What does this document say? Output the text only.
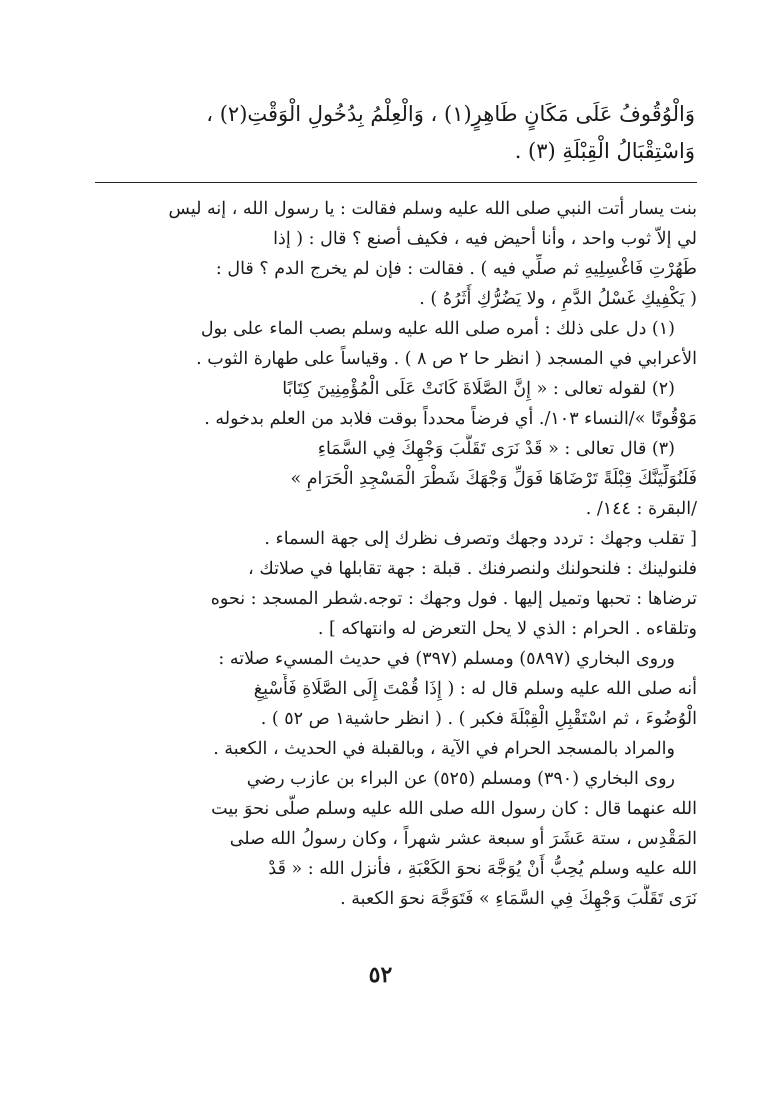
وَالْوُقُوفُ عَلَى مَكَانٍ طَاهِرٍ(١) ، وَالْعِلْمُ بِدُخُولِ الْوَقْتِ(٢) ،
وَاسْتِقْبَالُ الْقِبْلَةِ (٣) .
بنت يسار أتت النبي صلى الله عليه وسلم فقالت : يا رسول الله ، إنه ليس
لي إلاّ ثوب واحد ، وأنا أحيض فيه ، فكيف أصنع ؟ قال : ( إذا
طَهُرْتِ فَاغْسِلِيهِ ثم صلِّي فيه ) . فقالت : فإن لم يخرج الدم ؟ قال :
( يَكْفِيكِ غَسْلُ الدَّمِ ، ولا يَضُرُّكِ أَثَرُهُ ) .
(١) دل على ذلك : أمره صلى الله عليه وسلم بصب الماء على بول
الأعرابي في المسجد ( انظر حا ٢ ص ٨ ) . وقياساً على طهارة الثوب .
(٢) لقوله تعالى : « إِنَّ الصَّلَاةَ كَانَتْ عَلَى الْمُؤْمِنِينَ كِتَابًا
مَوْقُوتًا »/النساء ١٠٣/. أي فرضاً محدداً بوقت فلابد من العلم بدخوله .
(٣) قال تعالى : « قَدْ نَرَى تَقَلُّبَ وَجْهِكَ فِي السَّمَاءِ
فَلَنُوَلِّيَنَّكَ قِبْلَةً تَرْضَاهَا فَوَلِّ وَجْهَكَ شَطْرَ الْمَسْجِدِ الْحَرَامِ »
/البقرة : ١٤٤/ .
[ تقلب وجهك : تردد وجهك وتصرف نظرك إلى جهة السماء .
فلنولينك : فلنحولنك ولنصرفنك . قبلة : جهة تقابلها في صلاتك ،
ترضاها : تحبها وتميل إليها . فول وجهك : توجه.شطر المسجد : نحوه
وتلقاءه . الحرام : الذي لا يحل التعرض له وانتهاكه ] .
وروى البخاري (٥٨٩٧) ومسلم (٣٩٧) في حديث المسيء صلاته :
أنه صلى الله عليه وسلم قال له : ( إِذَا قُمْتَ إِلَى الصَّلَاةِ فَأَسْبِغِ
الْوُضُوءَ ، ثم اسْتَقْبِلِ الْقِبْلَةَ فكبر ) . ( انظر حاشية١ ص ٥٢ ) .
والمراد بالمسجد الحرام في الآية ، وبالقبلة في الحديث ، الكعبة .
روى البخاري (٣٩٠) ومسلم (٥٢٥) عن البراء بن عازب رضي
الله عنهما قال : كان رسول الله صلى الله عليه وسلم صلّى نحوَ بيت
المَقْدِس ، ستة عَشَرَ أو سبعة عشر شهراً ، وكان رسولُ الله صلى
الله عليه وسلم يُحِبُّ أَنْ يُوَجَّهَ نحوَ الكَعْبَةِ ، فأنزل الله : « قَدْ
نَرَى تَقَلُّبَ وَجْهِكَ فِي السَّمَاءِ » فَتَوَجَّهَ نحوَ الكعبة .
٥٢
